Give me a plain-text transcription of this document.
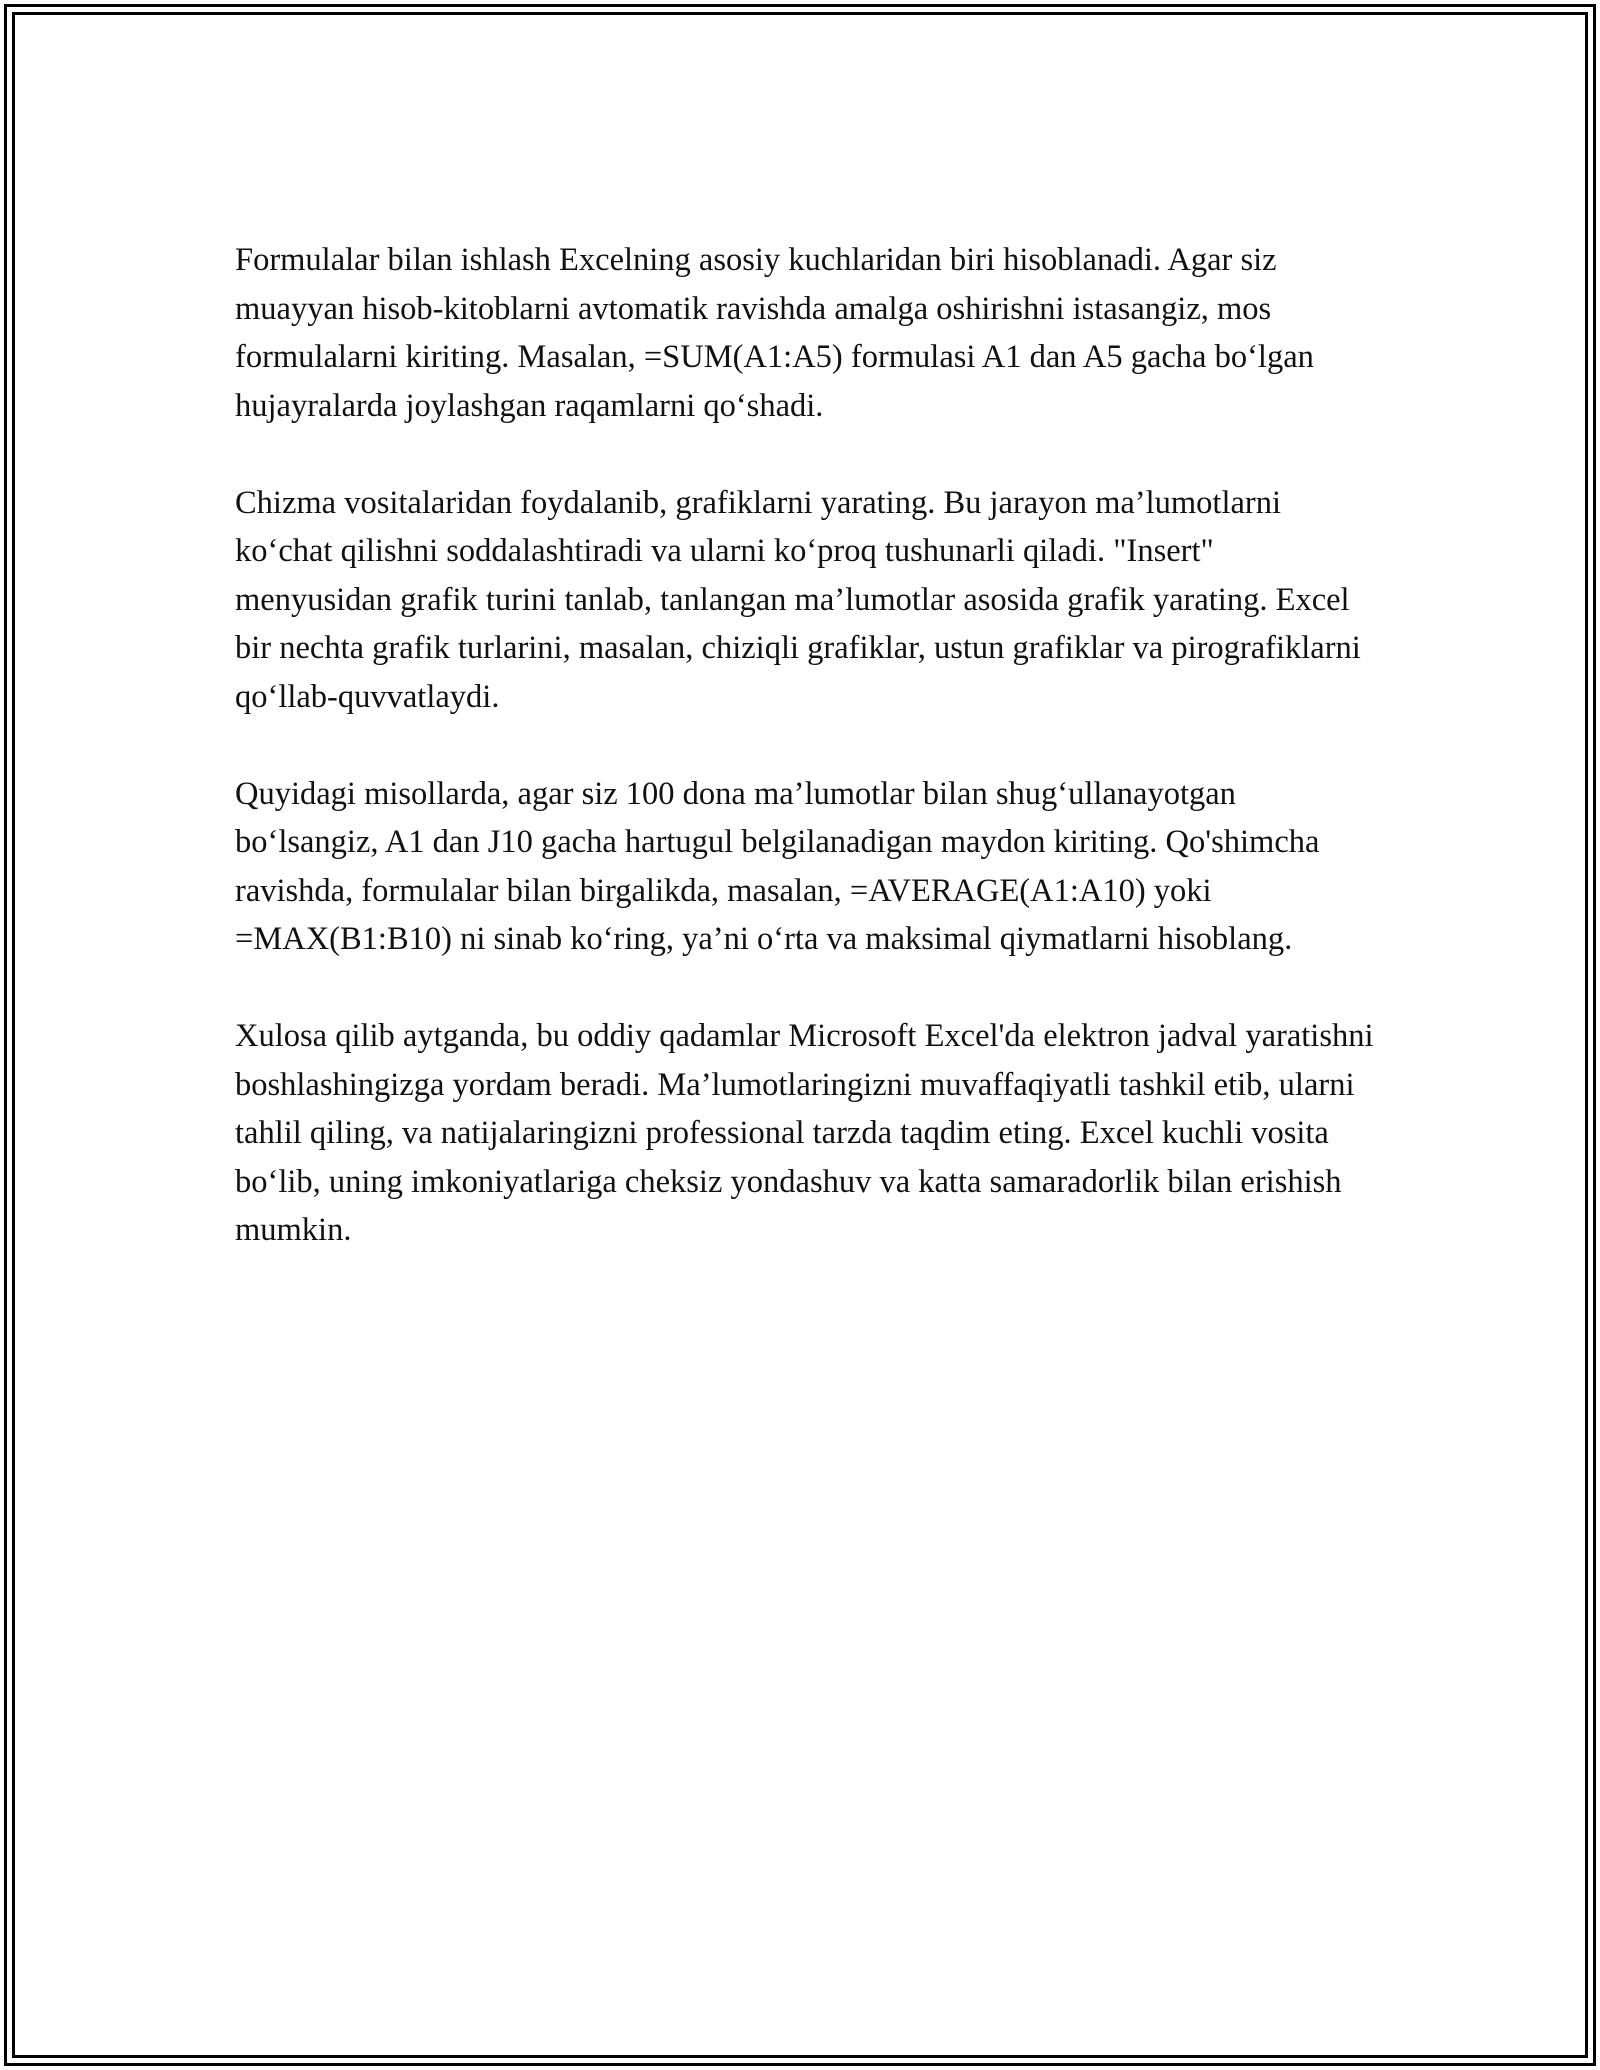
Formulalar bilan ishlash Excelning asosiy kuchlaridan biri hisoblanadi. Agar siz muayyan hisob-kitoblarni avtomatik ravishda amalga oshirishni istasangiz, mos formulalarni kiriting. Masalan, =SUM(A1:A5) formulasi A1 dan A5 gacha bo‘lgan hujayralarda joylashgan raqamlarni qo‘shadi.

Chizma vositalaridan foydalanib, grafiklarni yarating. Bu jarayon ma’lumotlarni ko‘chat qilishni soddalashtiradi va ularni ko‘proq tushunarli qiladi. "Insert" menyusidan grafik turini tanlab, tanlangan ma’lumotlar asosida grafik yarating. Excel bir nechta grafik turlarini, masalan, chiziqli grafiklar, ustun grafiklar va pirografiklarni qo‘llab-quvvatlaydi.

Quyidagi misollarda, agar siz 100 dona ma’lumotlar bilan shug‘ullanayotgan bo‘lsangiz, A1 dan J10 gacha hartugul belgilanadigan maydon kiriting. Qo'shimcha ravishda, formulalar bilan birgalikda, masalan, =AVERAGE(A1:A10) yoki =MAX(B1:B10) ni sinab ko‘ring, ya’ni o‘rta va maksimal qiymatlarni hisoblang.

Xulosa qilib aytganda, bu oddiy qadamlar Microsoft Excel'da elektron jadval yaratishni boshlashingizga yordam beradi. Ma’lumotlaringizni muvaffaqiyatli tashkil etib, ularni tahlil qiling, va natijalaringizni professional tarzda taqdim eting. Excel kuchli vosita bo‘lib, uning imkoniyatlariga cheksiz yondashuv va katta samaradorlik bilan erishish mumkin.
